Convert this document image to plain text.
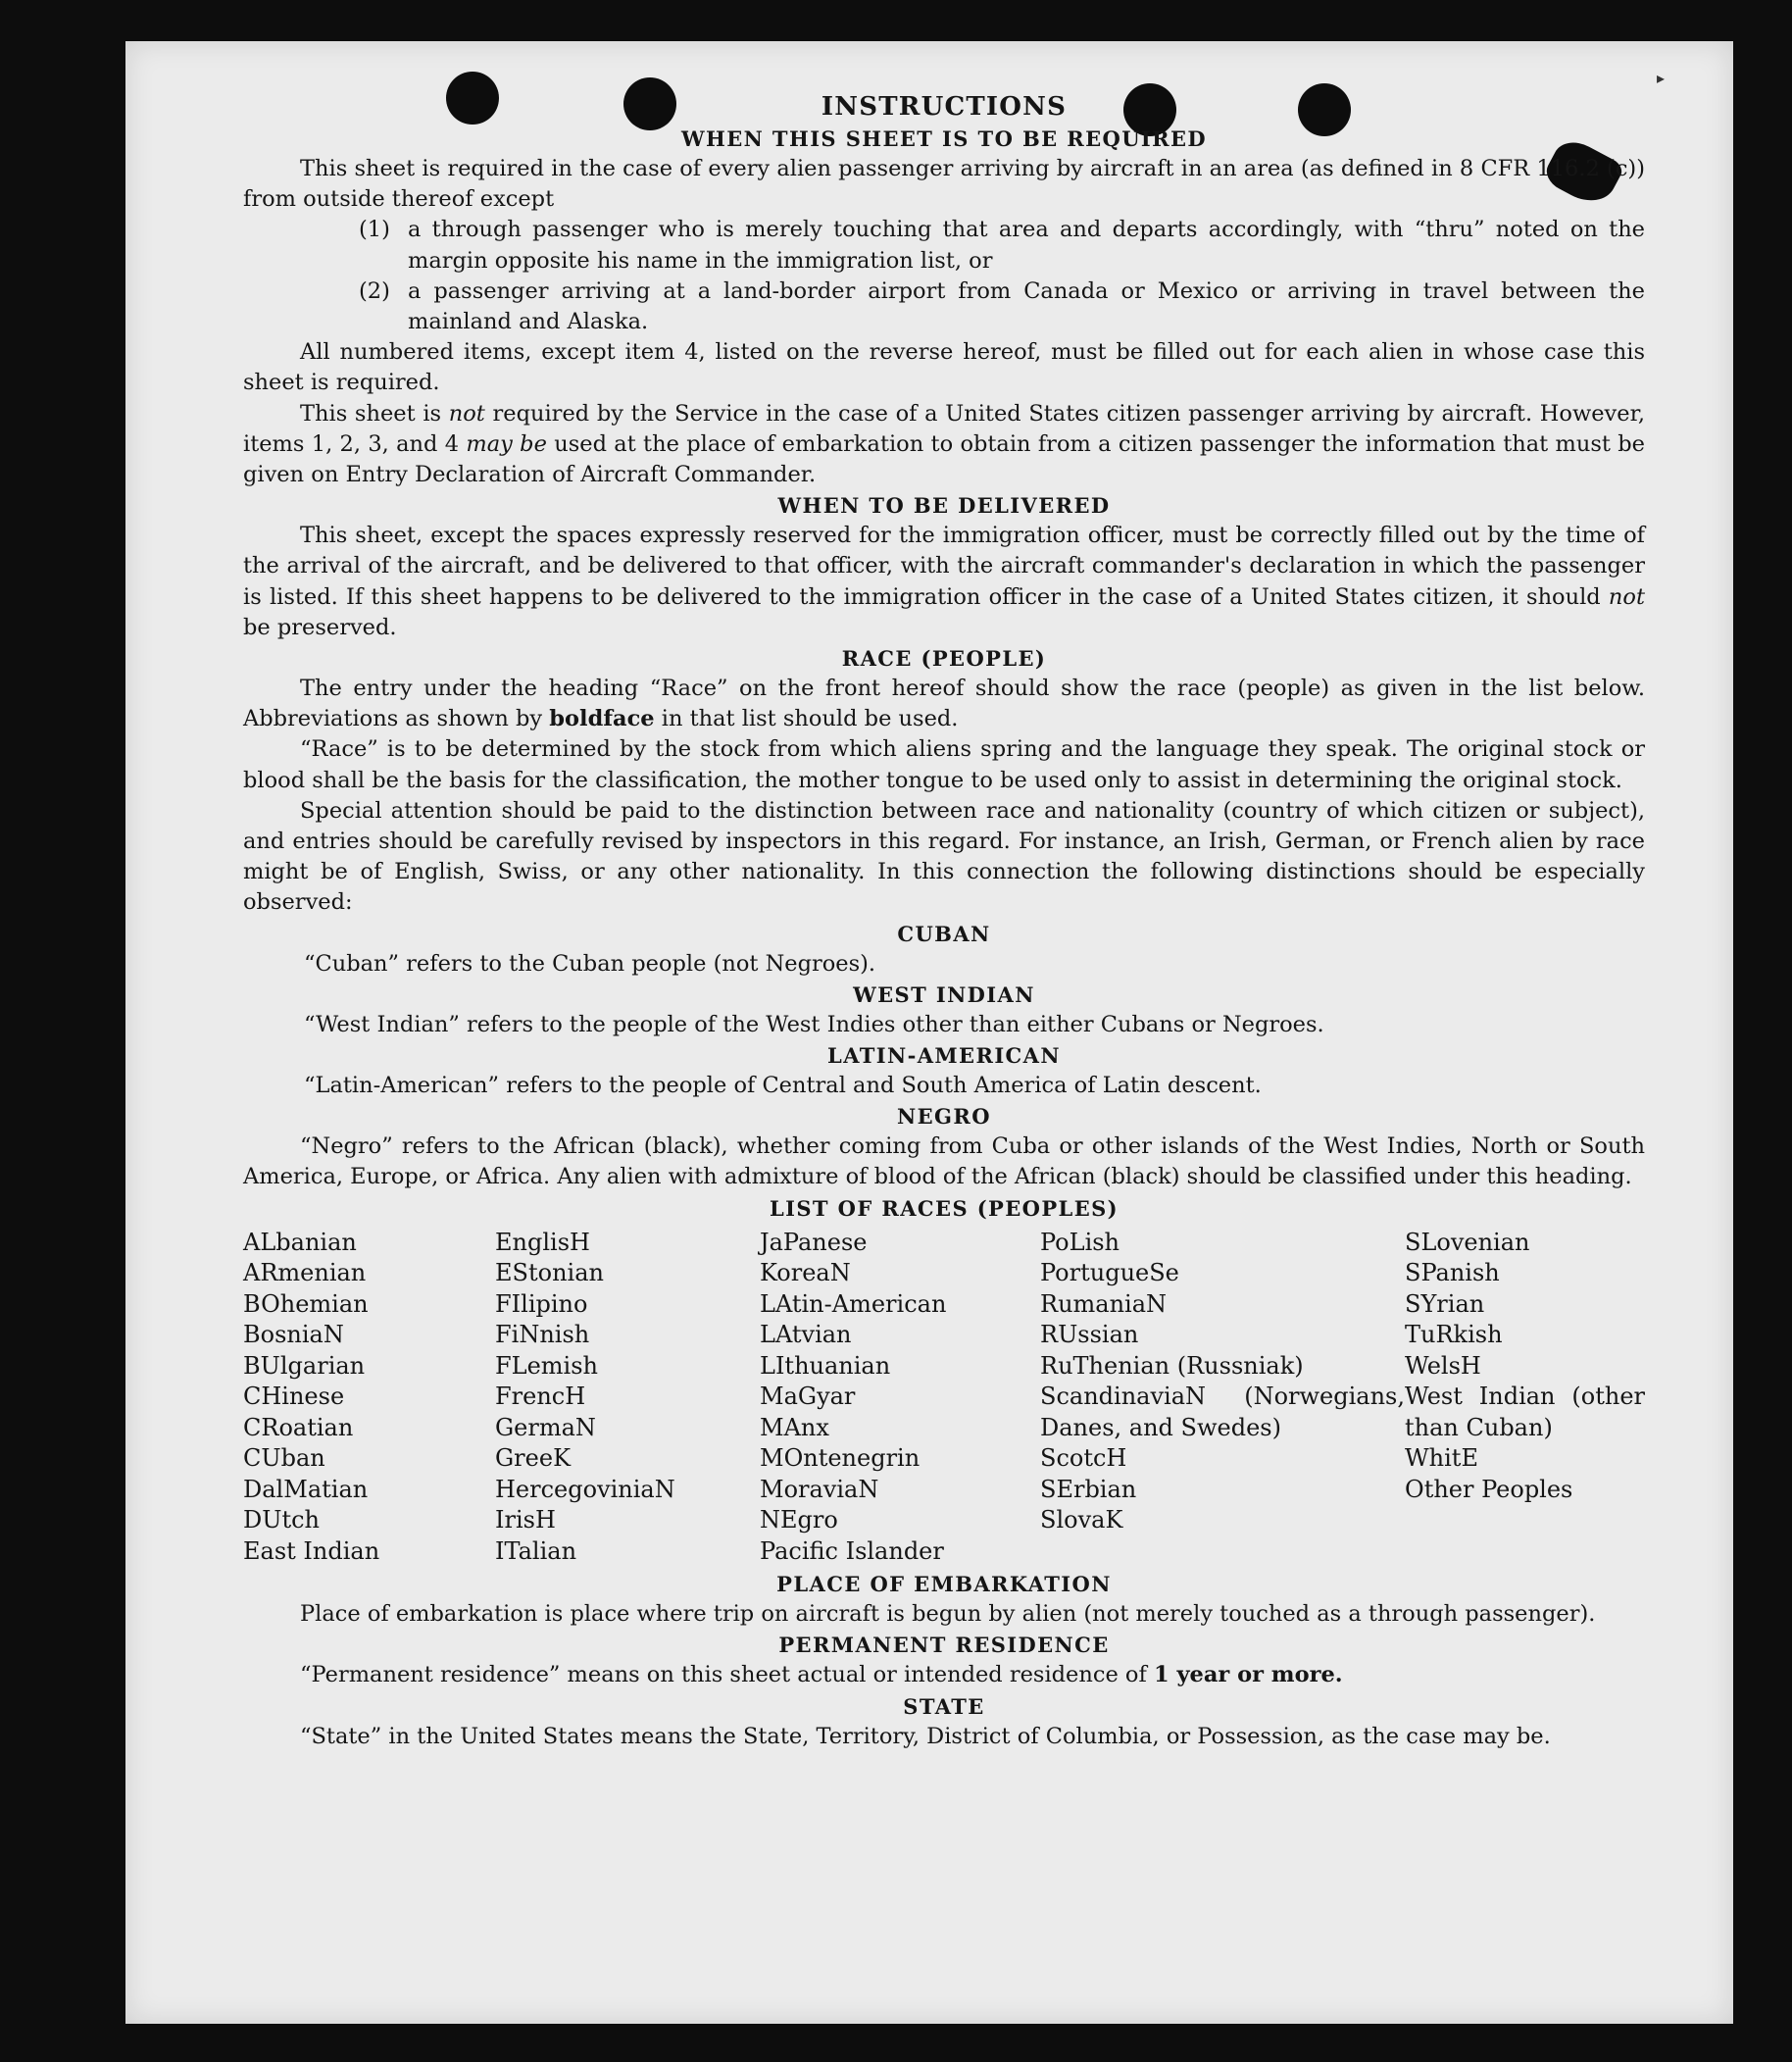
▸
INSTRUCTIONS
WHEN THIS SHEET IS TO BE REQUIRED

This sheet is required in the case of every alien passenger arriving by aircraft in an area (as defined in 8 CFR 116.2 (c)) from outside thereof except

(1) a through passenger who is merely touching that area and departs accordingly, with “thru” noted on the margin opposite his name in the immigration list, or
(2) a passenger arriving at a land-border airport from Canada or Mexico or arriving in travel between the mainland and Alaska.

All numbered items, except item 4, listed on the reverse hereof, must be filled out for each alien in whose case this sheet is required.

This sheet is not required by the Service in the case of a United States citizen passenger arriving by aircraft. However, items 1, 2, 3, and 4 may be used at the place of embarkation to obtain from a citizen passenger the information that must be given on Entry Declaration of Aircraft Commander.

WHEN TO BE DELIVERED

This sheet, except the spaces expressly reserved for the immigration officer, must be correctly filled out by the time of the arrival of the aircraft, and be delivered to that officer, with the aircraft commander's declaration in which the passenger is listed. If this sheet happens to be delivered to the immigration officer in the case of a United States citizen, it should not be preserved.

RACE (PEOPLE)

The entry under the heading “Race” on the front hereof should show the race (people) as given in the list below. Abbreviations as shown by boldface in that list should be used.

“Race” is to be determined by the stock from which aliens spring and the language they speak. The original stock or blood shall be the basis for the classification, the mother tongue to be used only to assist in determining the original stock.

Special attention should be paid to the distinction between race and nationality (country of which citizen or subject), and entries should be carefully revised by inspectors in this regard. For instance, an Irish, German, or French alien by race might be of English, Swiss, or any other nationality. In this connection the following distinctions should be especially observed:

CUBAN

“Cuban” refers to the Cuban people (not Negroes).

WEST INDIAN

“West Indian” refers to the people of the West Indies other than either Cubans or Negroes.

LATIN-AMERICAN

“Latin-American” refers to the people of Central and South America of Latin descent.

NEGRO

“Negro” refers to the African (black), whether coming from Cuba or other islands of the West Indies, North or South America, Europe, or Africa. Any alien with admixture of blood of the African (black) should be classified under this heading.

LIST OF RACES (PEOPLES)
ALbanian
ARmenian
BOhemian
BosniaN
BUlgarian
CHinese
CRoatian
CUban
DalMatian
DUtch
East Indian
EnglisH
EStonian
FIlipino
FiNnish
FLemish
FrencH
GermaN
GreeK
HercegoviniaN
IrisH
ITalian
JaPanese
KoreaN
LAtin-American
LAtvian
LIthuanian
MaGyar
MAnx
MOntenegrin
MoraviaN
NEgro
Pacific Islander
PoLish
PortugueSe
RumaniaN
RUssian
RuThenian (Russniak)
ScandinaviaN (Norwegians, Danes, and Swedes)
ScotcH
SErbian
SlovaK
SLovenian
SPanish
SYrian
TuRkish
WelsH
West Indian (other than Cuban)
WhitE
Other Peoples
PLACE OF EMBARKATION

Place of embarkation is place where trip on aircraft is begun by alien (not merely touched as a through passenger).

PERMANENT RESIDENCE

“Permanent residence” means on this sheet actual or intended residence of 1 year or more.

STATE

“State” in the United States means the State, Territory, District of Columbia, or Possession, as the case may be.
